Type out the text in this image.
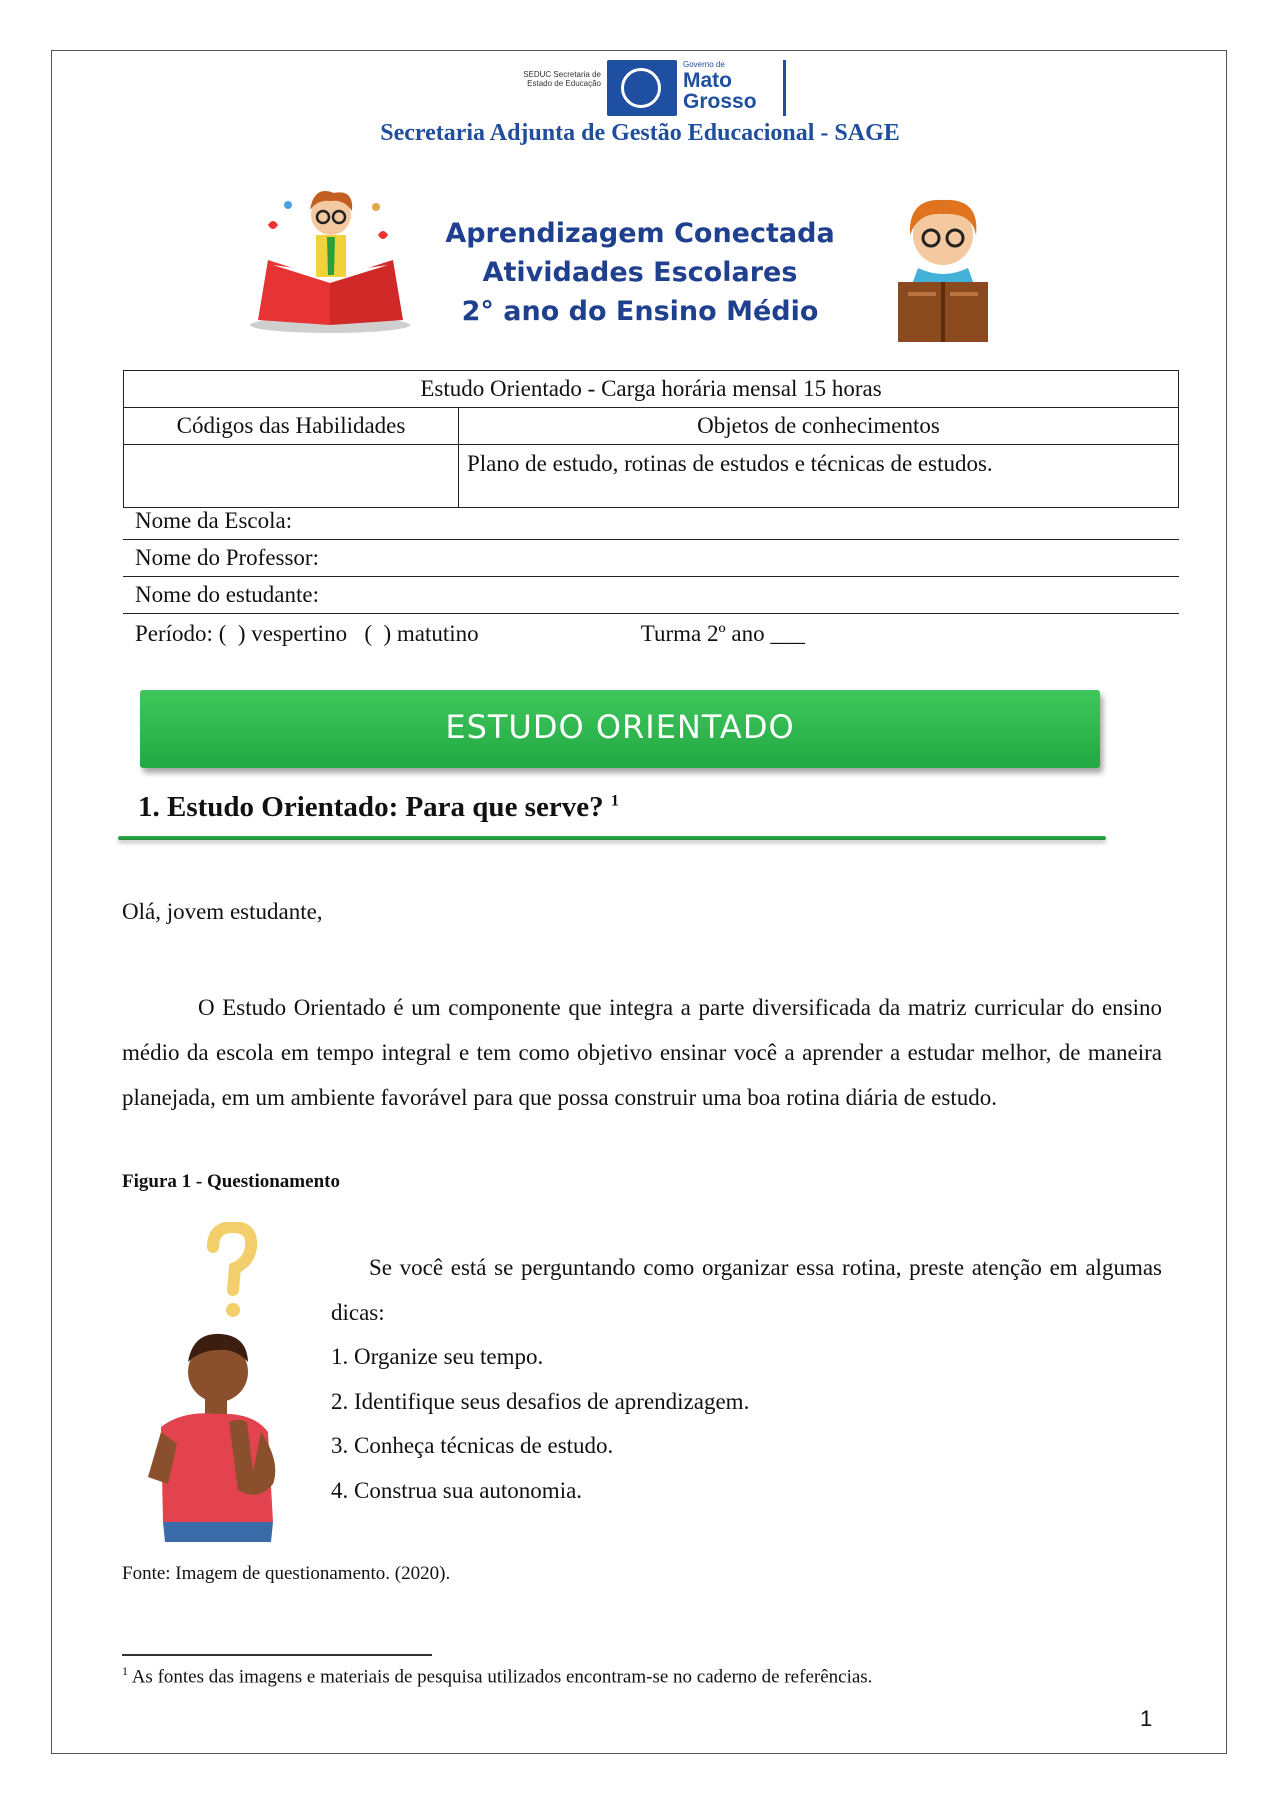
SEDUC Secretaria de Estado de Educação
Governo de
Mato
Grosso
Secretaria Adjunta de Gestão Educacional - SAGE
Aprendizagem Conectada
Atividades Escolares
2° ano do Ensino Médio
Estudo Orientado - Carga horária mensal 15 horas	
Códigos das Habilidades	Objetos de conhecimentos
	Plano de estudo, rotinas de estudos e técnicas de estudos.
Nome da Escola:
Nome do Professor:
Nome do estudante:
Período: (  ) vespertino   (  ) matutino	Turma 2º ano ___
ESTUDO ORIENTADO
1. Estudo Orientado: Para que serve? $^1$
Olá, jovem estudante,
O Estudo Orientado é um componente que integra a parte diversificada da matriz curricular do ensino médio da escola em tempo integral e tem como objetivo ensinar você a aprender a estudar melhor, de maneira planejada, em um ambiente favorável para que possa construir uma boa rotina diária de estudo.
Figura 1 - Questionamento
Se você está se perguntando como organizar essa rotina, preste atenção em algumas dicas:
1. Organize seu tempo.
2. Identifique seus desafios de aprendizagem.
3. Conheça técnicas de estudo.
4. Construa sua autonomia.
Fonte: Imagem de questionamento. (2020).
$^1$ As fontes das imagens e materiais de pesquisa utilizados encontram-se no caderno de referências.
1
